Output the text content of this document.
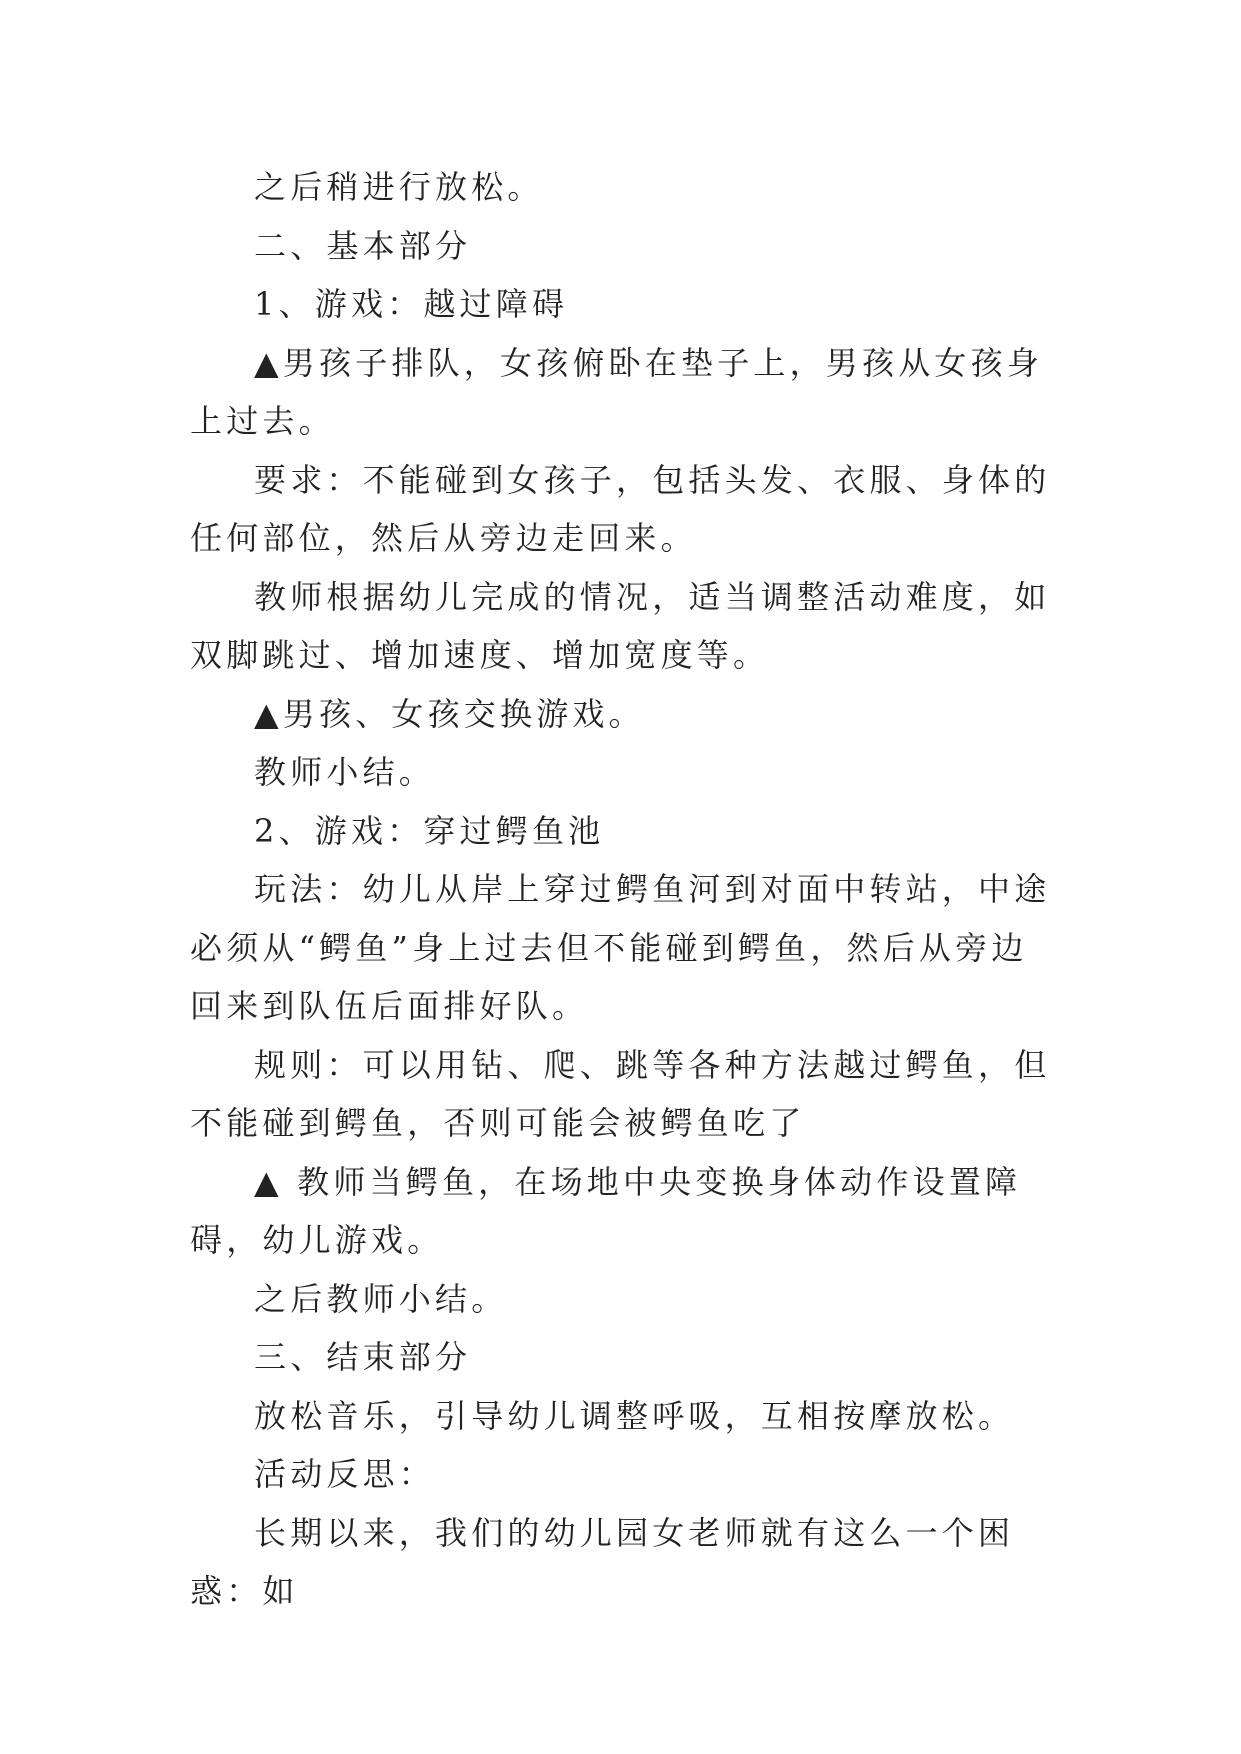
之后稍进行放松。

二、基本部分

1、游戏：越过障碍

▲男孩子排队，女孩俯卧在垫子上，男孩从女孩身上过去。

要求：不能碰到女孩子，包括头发、衣服、身体的任何部位，然后从旁边走回来。

教师根据幼儿完成的情况，适当调整活动难度，如双脚跳过、增加速度、增加宽度等。

▲男孩、女孩交换游戏。

教师小结。

2、游戏：穿过鳄鱼池

玩法：幼儿从岸上穿过鳄鱼河到对面中转站，中途必须从“鳄鱼”身上过去但不能碰到鳄鱼，然后从旁边回来到队伍后面排好队。

规则：可以用钻、爬、跳等各种方法越过鳄鱼，但不能碰到鳄鱼，否则可能会被鳄鱼吃了

▲ 教师当鳄鱼，在场地中央变换身体动作设置障碍，幼儿游戏。

之后教师小结。

三、结束部分

放松音乐，引导幼儿调整呼吸，互相按摩放松。

活动反思：

长期以来，我们的幼儿园女老师就有这么一个困惑：如
